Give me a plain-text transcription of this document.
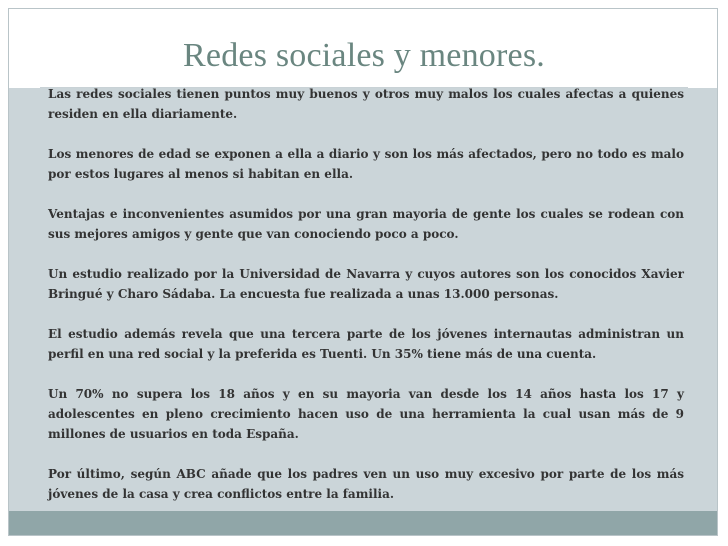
Redes sociales y menores.

Las redes sociales tienen puntos muy buenos y otros muy malos los cuales afectas a quienes residen en ella diariamente.

Los menores de edad se exponen a ella a diario y son los más afectados, pero no todo es malo por estos lugares al menos si habitan en ella.

Ventajas e inconvenientes asumidos por una gran mayoria de gente los cuales se rodean con sus mejores amigos y gente que van conociendo poco a poco.

Un estudio realizado por la Universidad de Navarra y cuyos autores son los conocidos Xavier Bringué y Charo Sádaba. La encuesta fue realizada a unas 13.000 personas.

El estudio además revela que una tercera parte de los jóvenes internautas administran un perfil en una red social y la preferida es Tuenti. Un 35% tiene más de una cuenta.

Un 70% no supera los 18 años y en su mayoria van desde los 14 años hasta los 17 y adolescentes en pleno crecimiento hacen uso de una herramienta la cual usan más de 9 millones de usuarios en toda España.

Por último, según ABC añade que los padres ven un uso muy excesivo por parte de los más jóvenes de la casa y crea conflictos entre la familia.
